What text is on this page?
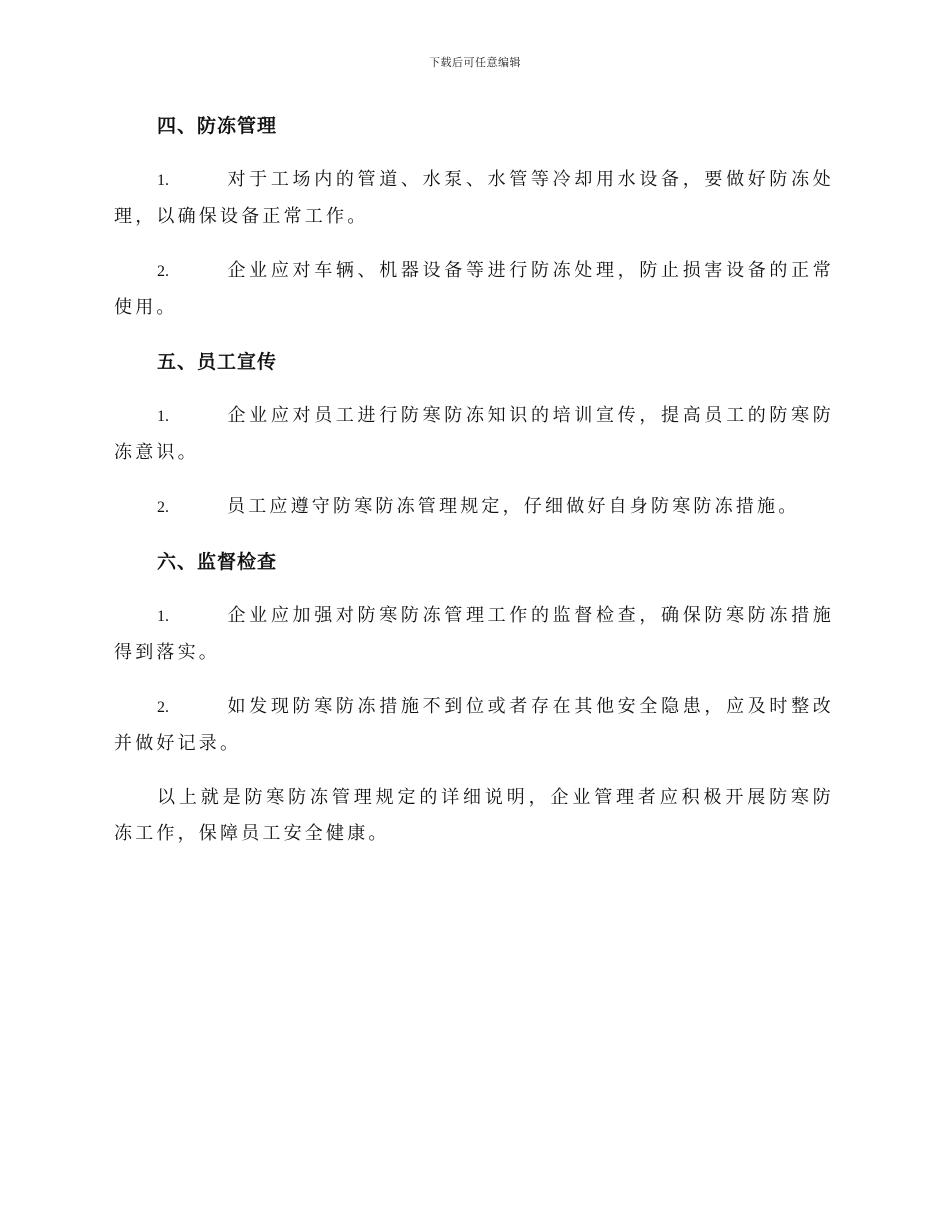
下载后可任意编辑
四、防冻管理

1.	对于工场内的管道、水泵、水管等冷却用水设备，要做好防冻处理，以确保设备正常工作。

2.	企业应对车辆、机器设备等进行防冻处理，防止损害设备的正常使用。

五、员工宣传

1.	企业应对员工进行防寒防冻知识的培训宣传，提高员工的防寒防冻意识。

2.	员工应遵守防寒防冻管理规定，仔细做好自身防寒防冻措施。

六、监督检查

1.	企业应加强对防寒防冻管理工作的监督检查，确保防寒防冻措施得到落实。

2.	如发现防寒防冻措施不到位或者存在其他安全隐患，应及时整改并做好记录。

以上就是防寒防冻管理规定的详细说明，企业管理者应积极开展防寒防冻工作，保障员工安全健康。
